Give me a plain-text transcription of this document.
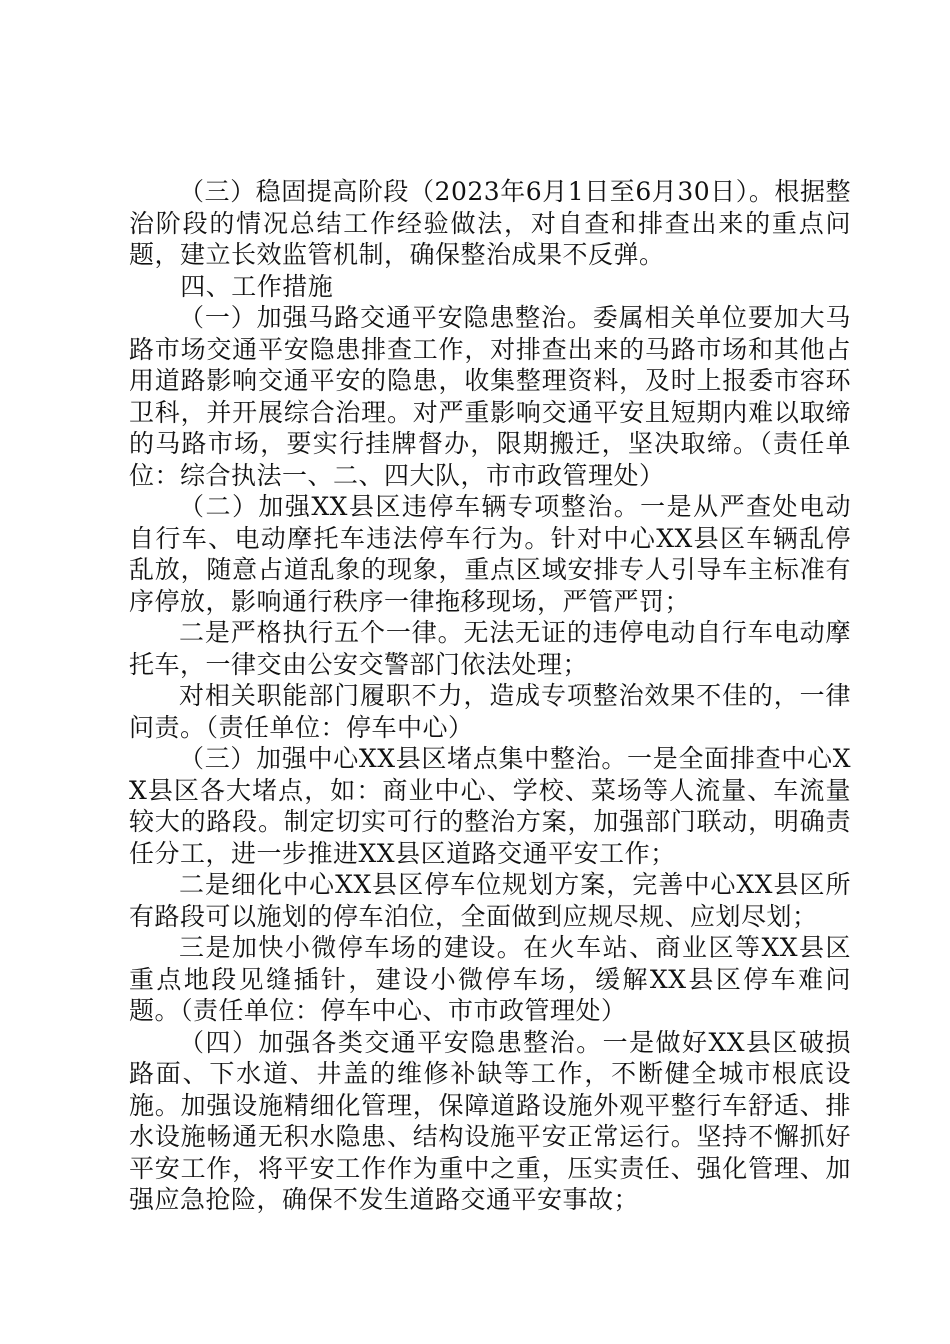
（三）稳固提高阶段（2023年6月1日至6月30日）。根据整治阶段的情况总结工作经验做法，对自查和排查出来的重点问题，建立长效监管机制，确保整治成果不反弹。

四、工作措施

（一）加强马路交通平安隐患整治。委属相关单位要加大马路市场交通平安隐患排查工作，对排查出来的马路市场和其他占用道路影响交通平安的隐患，收集整理资料，及时上报委市容环卫科，并开展综合治理。对严重影响交通平安且短期内难以取缔的马路市场，要实行挂牌督办，限期搬迁，坚决取缔。（责任单位：综合执法一、二、四大队，市市政管理处）

（二）加强XX县区违停车辆专项整治。一是从严查处电动自行车、电动摩托车违法停车行为。针对中心XX县区车辆乱停乱放，随意占道乱象的现象，重点区域安排专人引导车主标准有序停放，影响通行秩序一律拖移现场，严管严罚；

二是严格执行五个一律。无法无证的违停电动自行车电动摩托车，一律交由公安交警部门依法处理；

对相关职能部门履职不力，造成专项整治效果不佳的，一律问责。（责任单位：停车中心）

（三）加强中心XX县区堵点集中整治。一是全面排查中心XX县区各大堵点，如：商业中心、学校、菜场等人流量、车流量较大的路段。制定切实可行的整治方案，加强部门联动，明确责任分工，进一步推进XX县区道路交通平安工作；

二是细化中心XX县区停车位规划方案，完善中心XX县区所有路段可以施划的停车泊位，全面做到应规尽规、应划尽划；

三是加快小微停车场的建设。在火车站、商业区等XX县区重点地段见缝插针，建设小微停车场，缓解XX县区停车难问题。（责任单位：停车中心、市市政管理处）

（四）加强各类交通平安隐患整治。一是做好XX县区破损路面、下水道、井盖的维修补缺等工作，不断健全城市根底设施。加强设施精细化管理，保障道路设施外观平整行车舒适、排水设施畅通无积水隐患、结构设施平安正常运行。坚持不懈抓好平安工作，将平安工作作为重中之重，压实责任、强化管理、加强应急抢险，确保不发生道路交通平安事故；
